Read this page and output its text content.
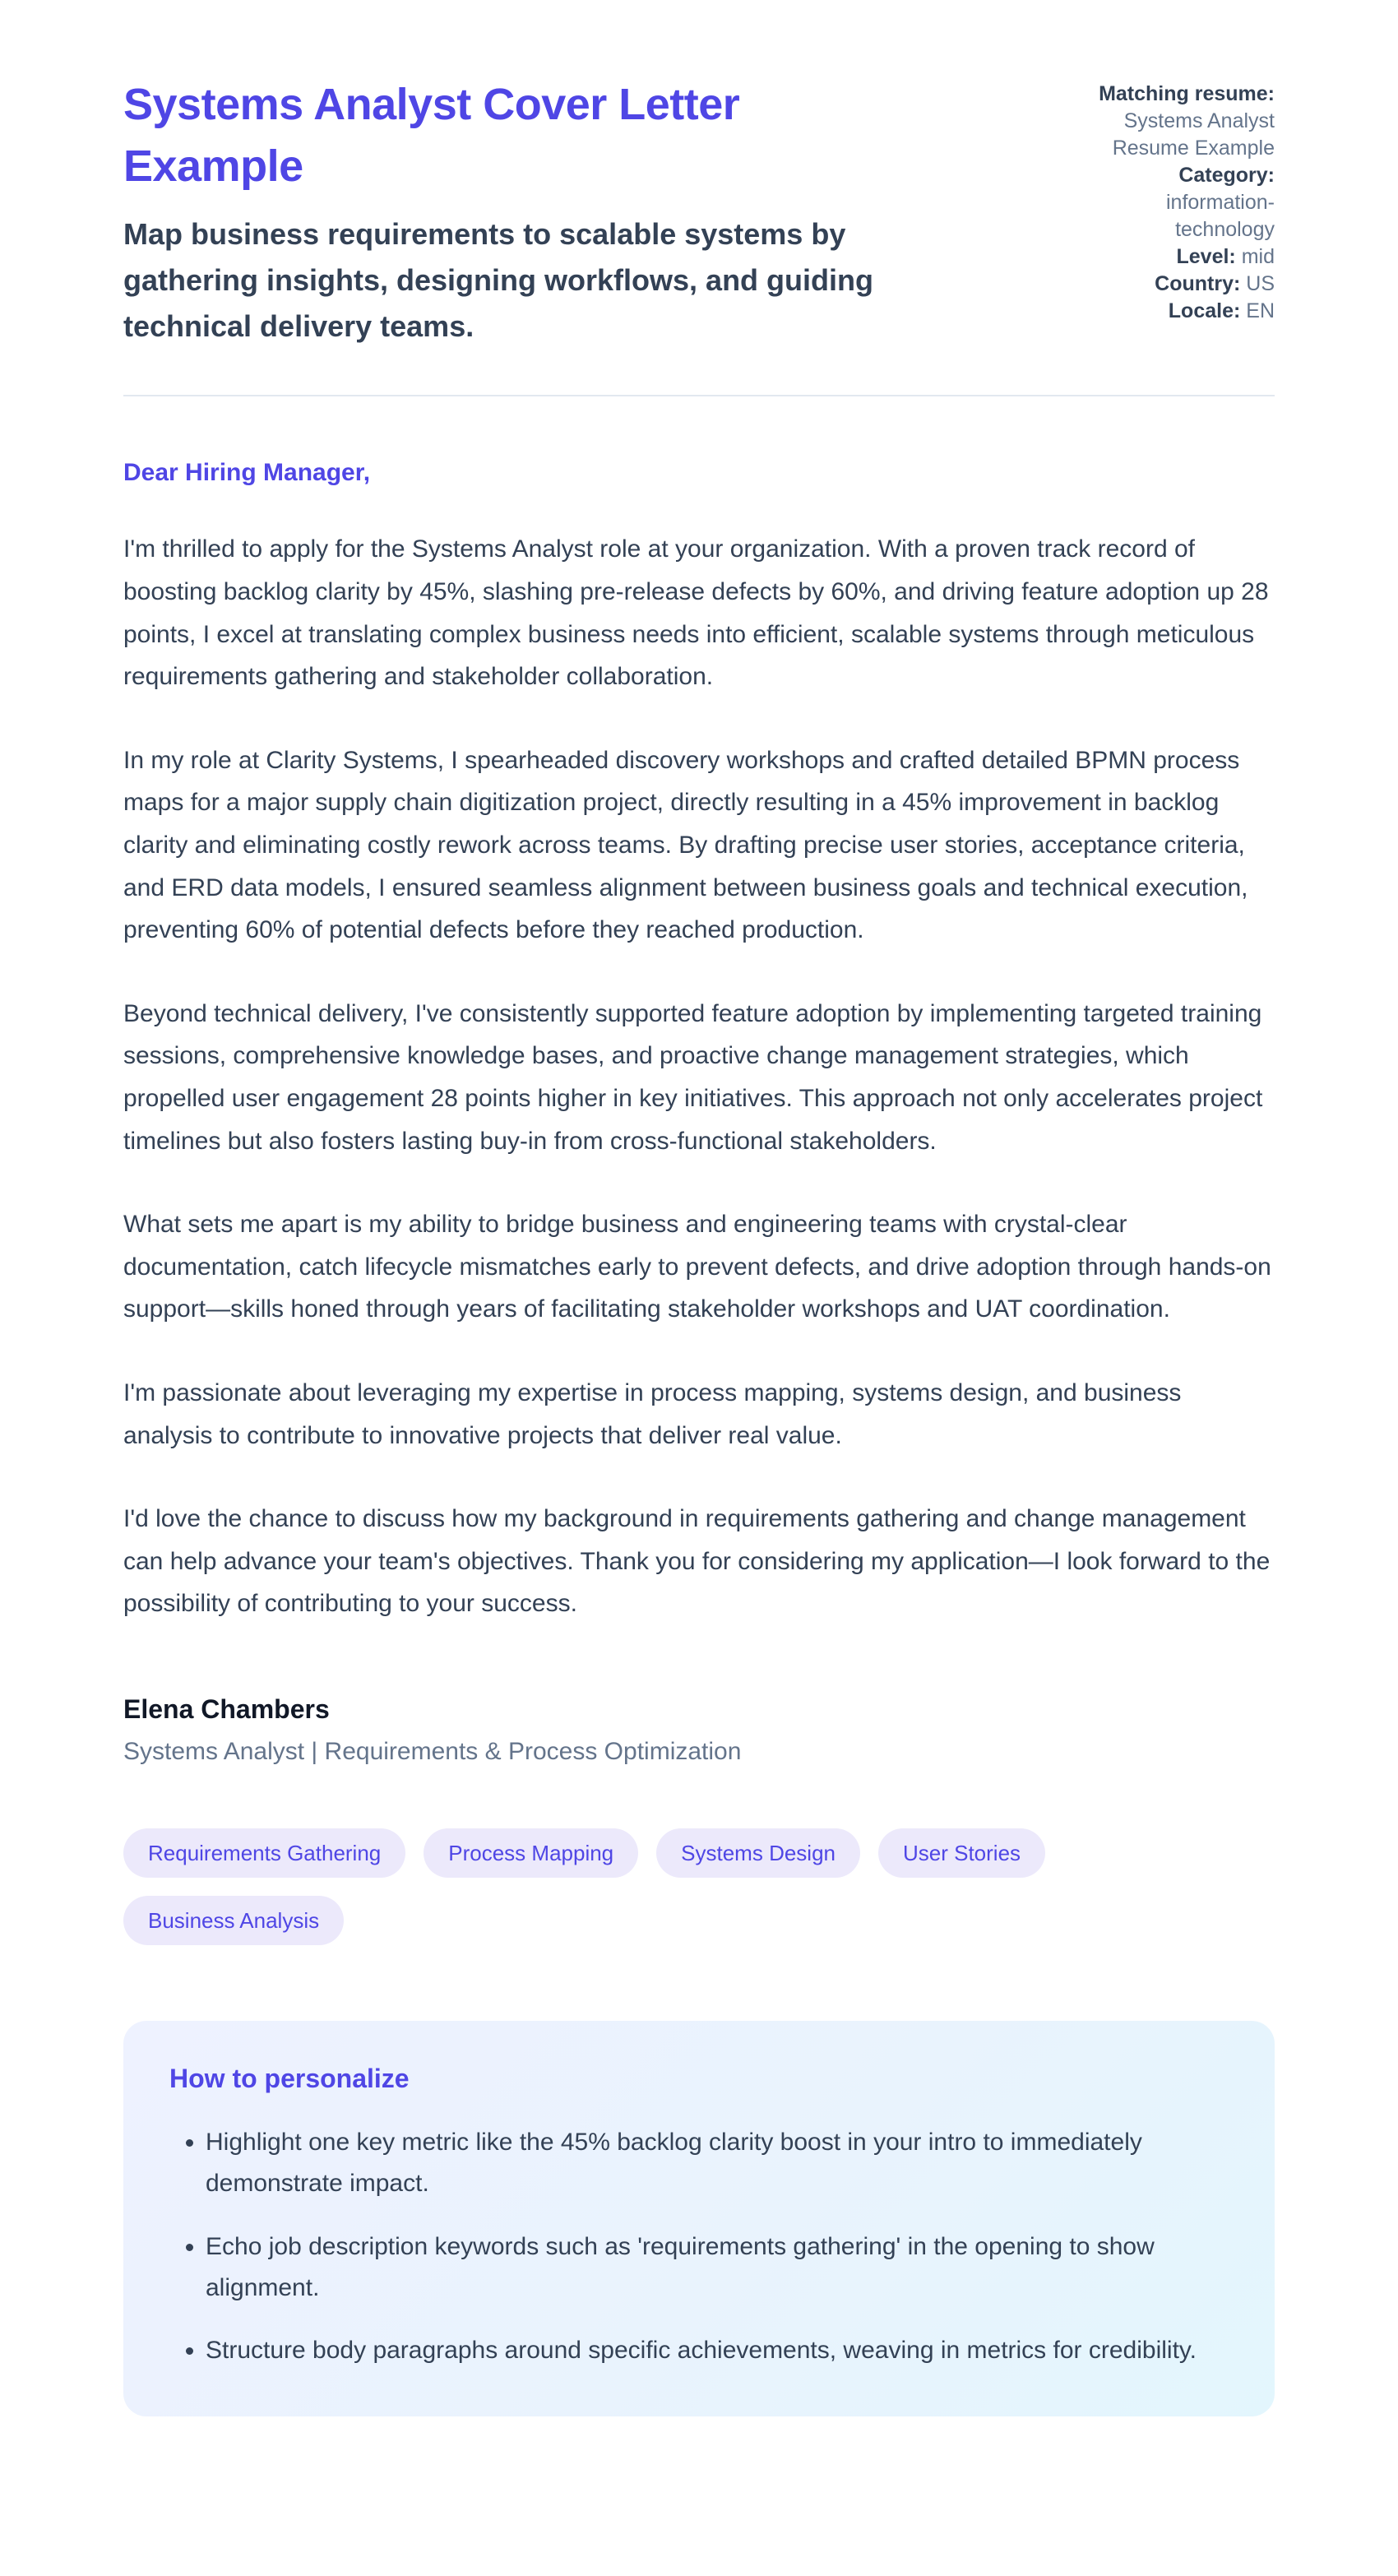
Systems Analyst Cover Letter Example
Map business requirements to scalable systems by gathering insights, designing workflows, and guiding technical delivery teams.
Matching resume: Systems Analyst Resume Example
Category: information-technology
Level: mid
Country: US
Locale: EN

Dear Hiring Manager,

I'm thrilled to apply for the Systems Analyst role at your organization. With a proven track record of boosting backlog clarity by 45%, slashing pre-release defects by 60%, and driving feature adoption up 28 points, I excel at translating complex business needs into efficient, scalable systems through meticulous requirements gathering and stakeholder collaboration.

In my role at Clarity Systems, I spearheaded discovery workshops and crafted detailed BPMN process maps for a major supply chain digitization project, directly resulting in a 45% improvement in backlog clarity and eliminating costly rework across teams. By drafting precise user stories, acceptance criteria, and ERD data models, I ensured seamless alignment between business goals and technical execution, preventing 60% of potential defects before they reached production.

Beyond technical delivery, I've consistently supported feature adoption by implementing targeted training sessions, comprehensive knowledge bases, and proactive change management strategies, which propelled user engagement 28 points higher in key initiatives. This approach not only accelerates project timelines but also fosters lasting buy-in from cross-functional stakeholders.

What sets me apart is my ability to bridge business and engineering teams with crystal-clear documentation, catch lifecycle mismatches early to prevent defects, and drive adoption through hands-on support—skills honed through years of facilitating stakeholder workshops and UAT coordination.

I'm passionate about leveraging my expertise in process mapping, systems design, and business analysis to contribute to innovative projects that deliver real value.

I'd love the chance to discuss how my background in requirements gathering and change management can help advance your team's objectives. Thank you for considering my application—I look forward to the possibility of contributing to your success.

Elena Chambers

Systems Analyst | Requirements & Process Optimization

Requirements Gathering	Process Mapping	Systems Design	User Stories
Business Analysis
How to personalize
• Highlight one key metric like the 45% backlog clarity boost in your intro to immediately demonstrate impact.
• Echo job description keywords such as 'requirements gathering' in the opening to show alignment.
• Structure body paragraphs around specific achievements, weaving in metrics for credibility.
